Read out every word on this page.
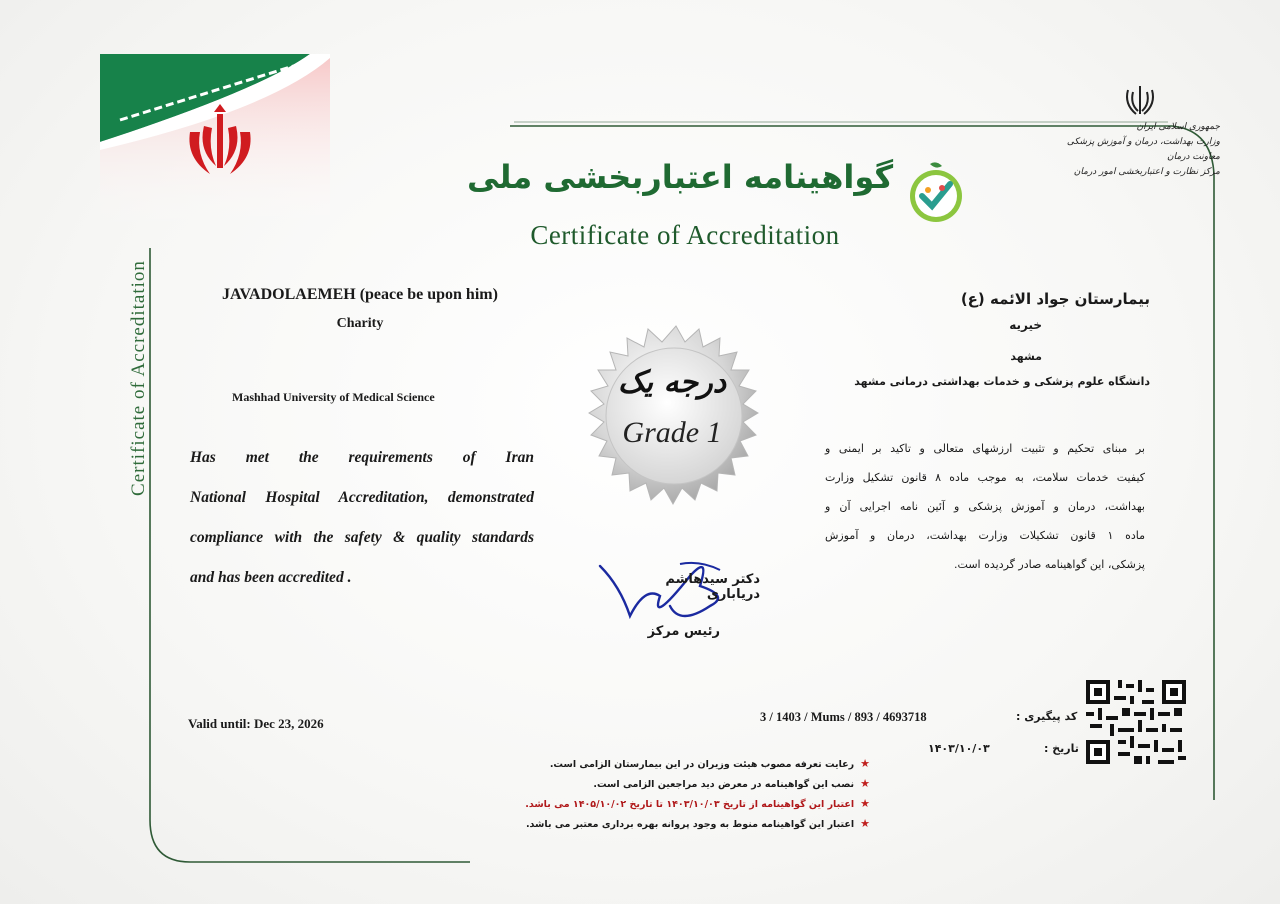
جمهوری اسلامی ایران
وزارت بهداشت، درمان و آموزش پزشکی
معاونت درمان
مرکز نظارت و اعتباربخشی امور درمان
گواهینامه اعتباربخشی ملی
Certificate of Accreditation
Certificate of Accreditation	JAVADOLAEMEH (peace be upon him)
Charity
Mashhad University of Medical Science
Has met the requirements of Iran
National Hospital Accreditation, demonstrated
compliance with the safety & quality standards
and has been accredited .
بیمارستان جواد الائمه (ع)
خیریه
مشهد
دانشگاه علوم پزشکی و خدمات بهداشتی درمانی مشهد
بر مبنای تحکیم و تثبیت ارزشهای متعالی و تاکید بر ایمنی و
کیفیت خدمات سلامت، به موجب ماده ۸ قانون تشکیل وزارت
بهداشت، درمان و آموزش پزشکی و آئین نامه اجرایی آن و
ماده ۱ قانون تشکیلات وزارت بهداشت، درمان و آموزش
پزشکی، این گواهینامه صادر گردیده است.
درجه یک
Grade 1
دکتر سیدهاشم دریاباری
رئیس مرکز
Valid until: Dec 23, 2026	3 / 1403 / Mums / 893 / 4693718	کد پیگیری :
۱۴۰۳/۱۰/۰۳	تاریخ :
★رعایت تعرفه مصوب هیئت وزیران در این بیمارستان الزامی است.
★نصب این گواهینامه در معرض دید مراجعین الزامی است.
★اعتبار این گواهینامه از تاریخ ۱۴۰۳/۱۰/۰۳ تا تاریخ ۱۴۰۵/۱۰/۰۲ می باشد.
★اعتبار این گواهینامه منوط به وجود پروانه بهره برداری معتبر می باشد.
